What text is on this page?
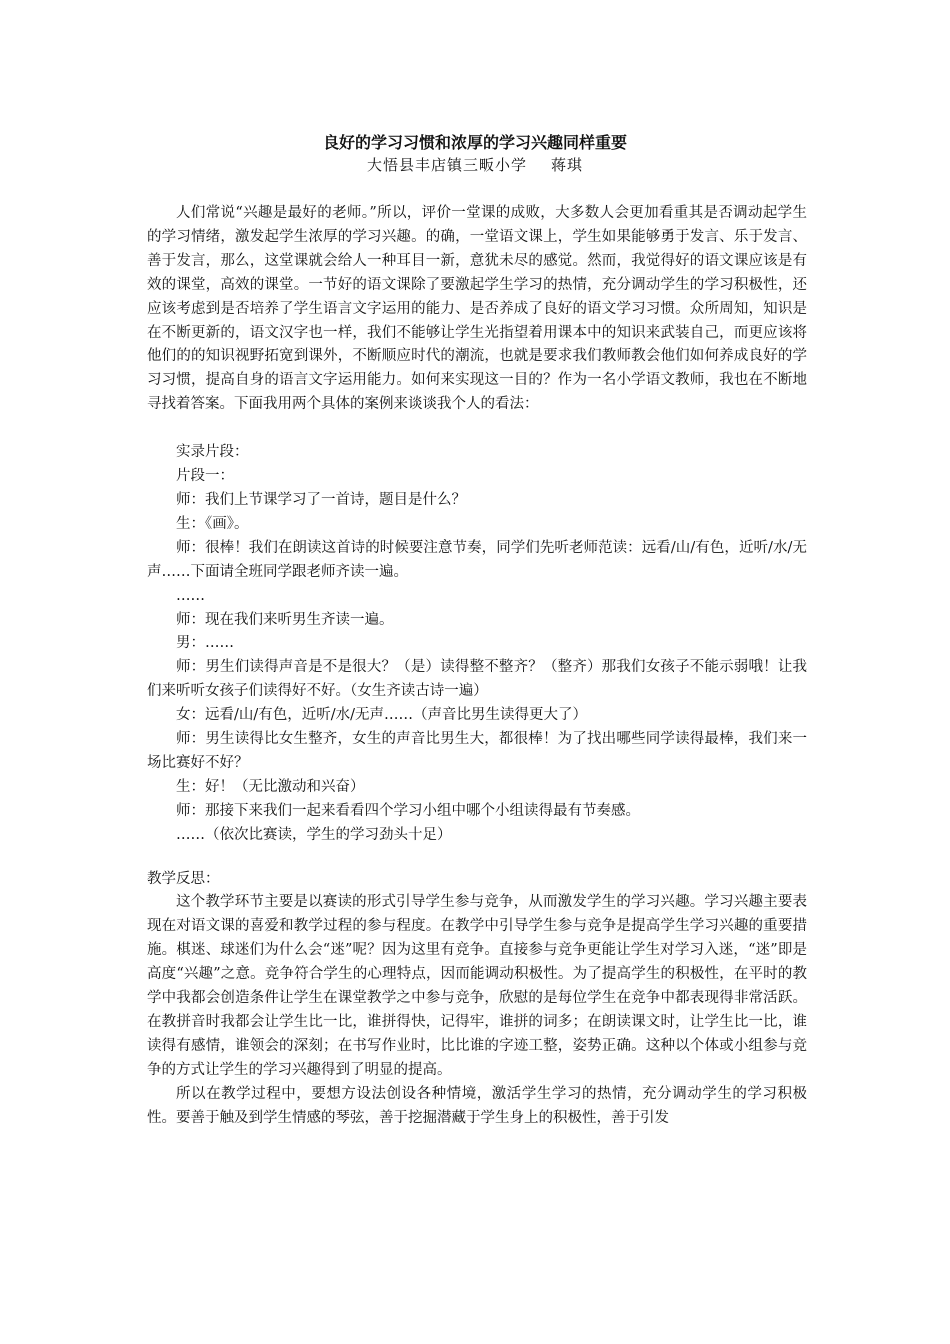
良好的学习习惯和浓厚的学习兴趣同样重要
大悟县丰店镇三畈小学 蒋琪

人们常说“兴趣是最好的老师。”所以，评价一堂课的成败，大多数人会更加看重其是否调动起学生的学习情绪，激发起学生浓厚的学习兴趣。的确，一堂语文课上，学生如果能够勇于发言、乐于发言、善于发言，那么，这堂课就会给人一种耳目一新，意犹未尽的感觉。然而，我觉得好的语文课应该是有效的课堂，高效的课堂。一节好的语文课除了要激起学生学习的热情，充分调动学生的学习积极性，还应该考虑到是否培养了学生语言文字运用的能力、是否养成了良好的语文学习习惯。众所周知，知识是在不断更新的，语文汉字也一样，我们不能够让学生光指望着用课本中的知识来武装自己，而更应该将他们的的知识视野拓宽到课外，不断顺应时代的潮流，也就是要求我们教师教会他们如何养成良好的学习习惯，提高自身的语言文字运用能力。如何来实现这一目的？作为一名小学语文教师，我也在不断地寻找着答案。下面我用两个具体的案例来谈谈我个人的看法：

实录片段：

片段一：

师：我们上节课学习了一首诗，题目是什么？

生：《画》。

师：很棒！我们在朗读这首诗的时候要注意节奏，同学们先听老师范读：远看/山/有色，近听/水/无声……下面请全班同学跟老师齐读一遍。

……

师：现在我们来听男生齐读一遍。

男：……

师：男生们读得声音是不是很大？（是）读得整不整齐？（整齐）那我们女孩子不能示弱哦！让我们来听听女孩子们读得好不好。（女生齐读古诗一遍）

女：远看/山/有色，近听/水/无声……（声音比男生读得更大了）

师：男生读得比女生整齐，女生的声音比男生大，都很棒！为了找出哪些同学读得最棒，我们来一场比赛好不好？

生：好！（无比激动和兴奋）

师：那接下来我们一起来看看四个学习小组中哪个小组读得最有节奏感。

……（依次比赛读，学生的学习劲头十足）

教学反思：

这个教学环节主要是以赛读的形式引导学生参与竞争，从而激发学生的学习兴趣。学习兴趣主要表现在对语文课的喜爱和教学过程的参与程度。在教学中引导学生参与竞争是提高学生学习兴趣的重要措施。棋迷、球迷们为什么会“迷”呢？因为这里有竞争。直接参与竞争更能让学生对学习入迷，“迷”即是高度“兴趣”之意。竞争符合学生的心理特点，因而能调动积极性。为了提高学生的积极性，在平时的教学中我都会创造条件让学生在课堂教学之中参与竞争，欣慰的是每位学生在竞争中都表现得非常活跃。在教拼音时我都会让学生比一比，谁拼得快，记得牢，谁拼的词多；在朗读课文时，让学生比一比，谁读得有感情，谁领会的深刻；在书写作业时，比比谁的字迹工整，姿势正确。这种以个体或小组参与竞争的方式让学生的学习兴趣得到了明显的提高。

所以在教学过程中，要想方设法创设各种情境，激活学生学习的热情，充分调动学生的学习积极性。要善于触及到学生情感的琴弦，善于挖掘潜藏于学生身上的积极性，善于引发
